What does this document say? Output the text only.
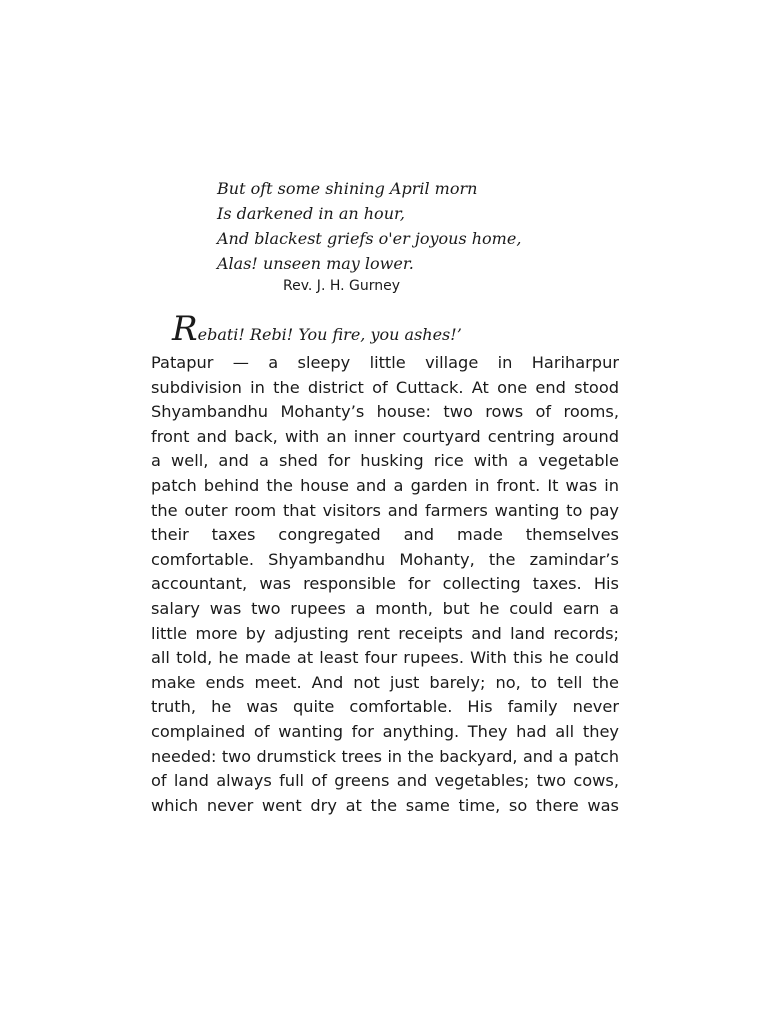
But oft some shining April morn
Is darkened in an hour,
And blackest griefs o'er joyous home,
Alas! unseen may lower.
Rev. J. H. Gurney
Rebati! Rebi! You fire, you ashes!’
Patapur — a sleepy little village in Hariharpur
subdivision in the district of Cuttack. At one end stood
Shyambandhu Mohanty’s house: two rows of rooms,
front and back, with an inner courtyard centring around
a well, and a shed for husking rice with a vegetable
patch behind the house and a garden in front. It was in
the outer room that visitors and farmers wanting to pay
their taxes congregated and made themselves
comfortable. Shyambandhu Mohanty, the zamindar’s
accountant, was responsible for collecting taxes. His
salary was two rupees a month, but he could earn a
little more by adjusting rent receipts and land records;
all told, he made at least four rupees. With this he could
make ends meet. And not just barely; no, to tell the
truth, he was quite comfortable. His family never
complained of wanting for anything. They had all they
needed: two drumstick trees in the backyard, and a patch
of land always full of greens and vegetables; two cows,
which never went dry at the same time, so there was
